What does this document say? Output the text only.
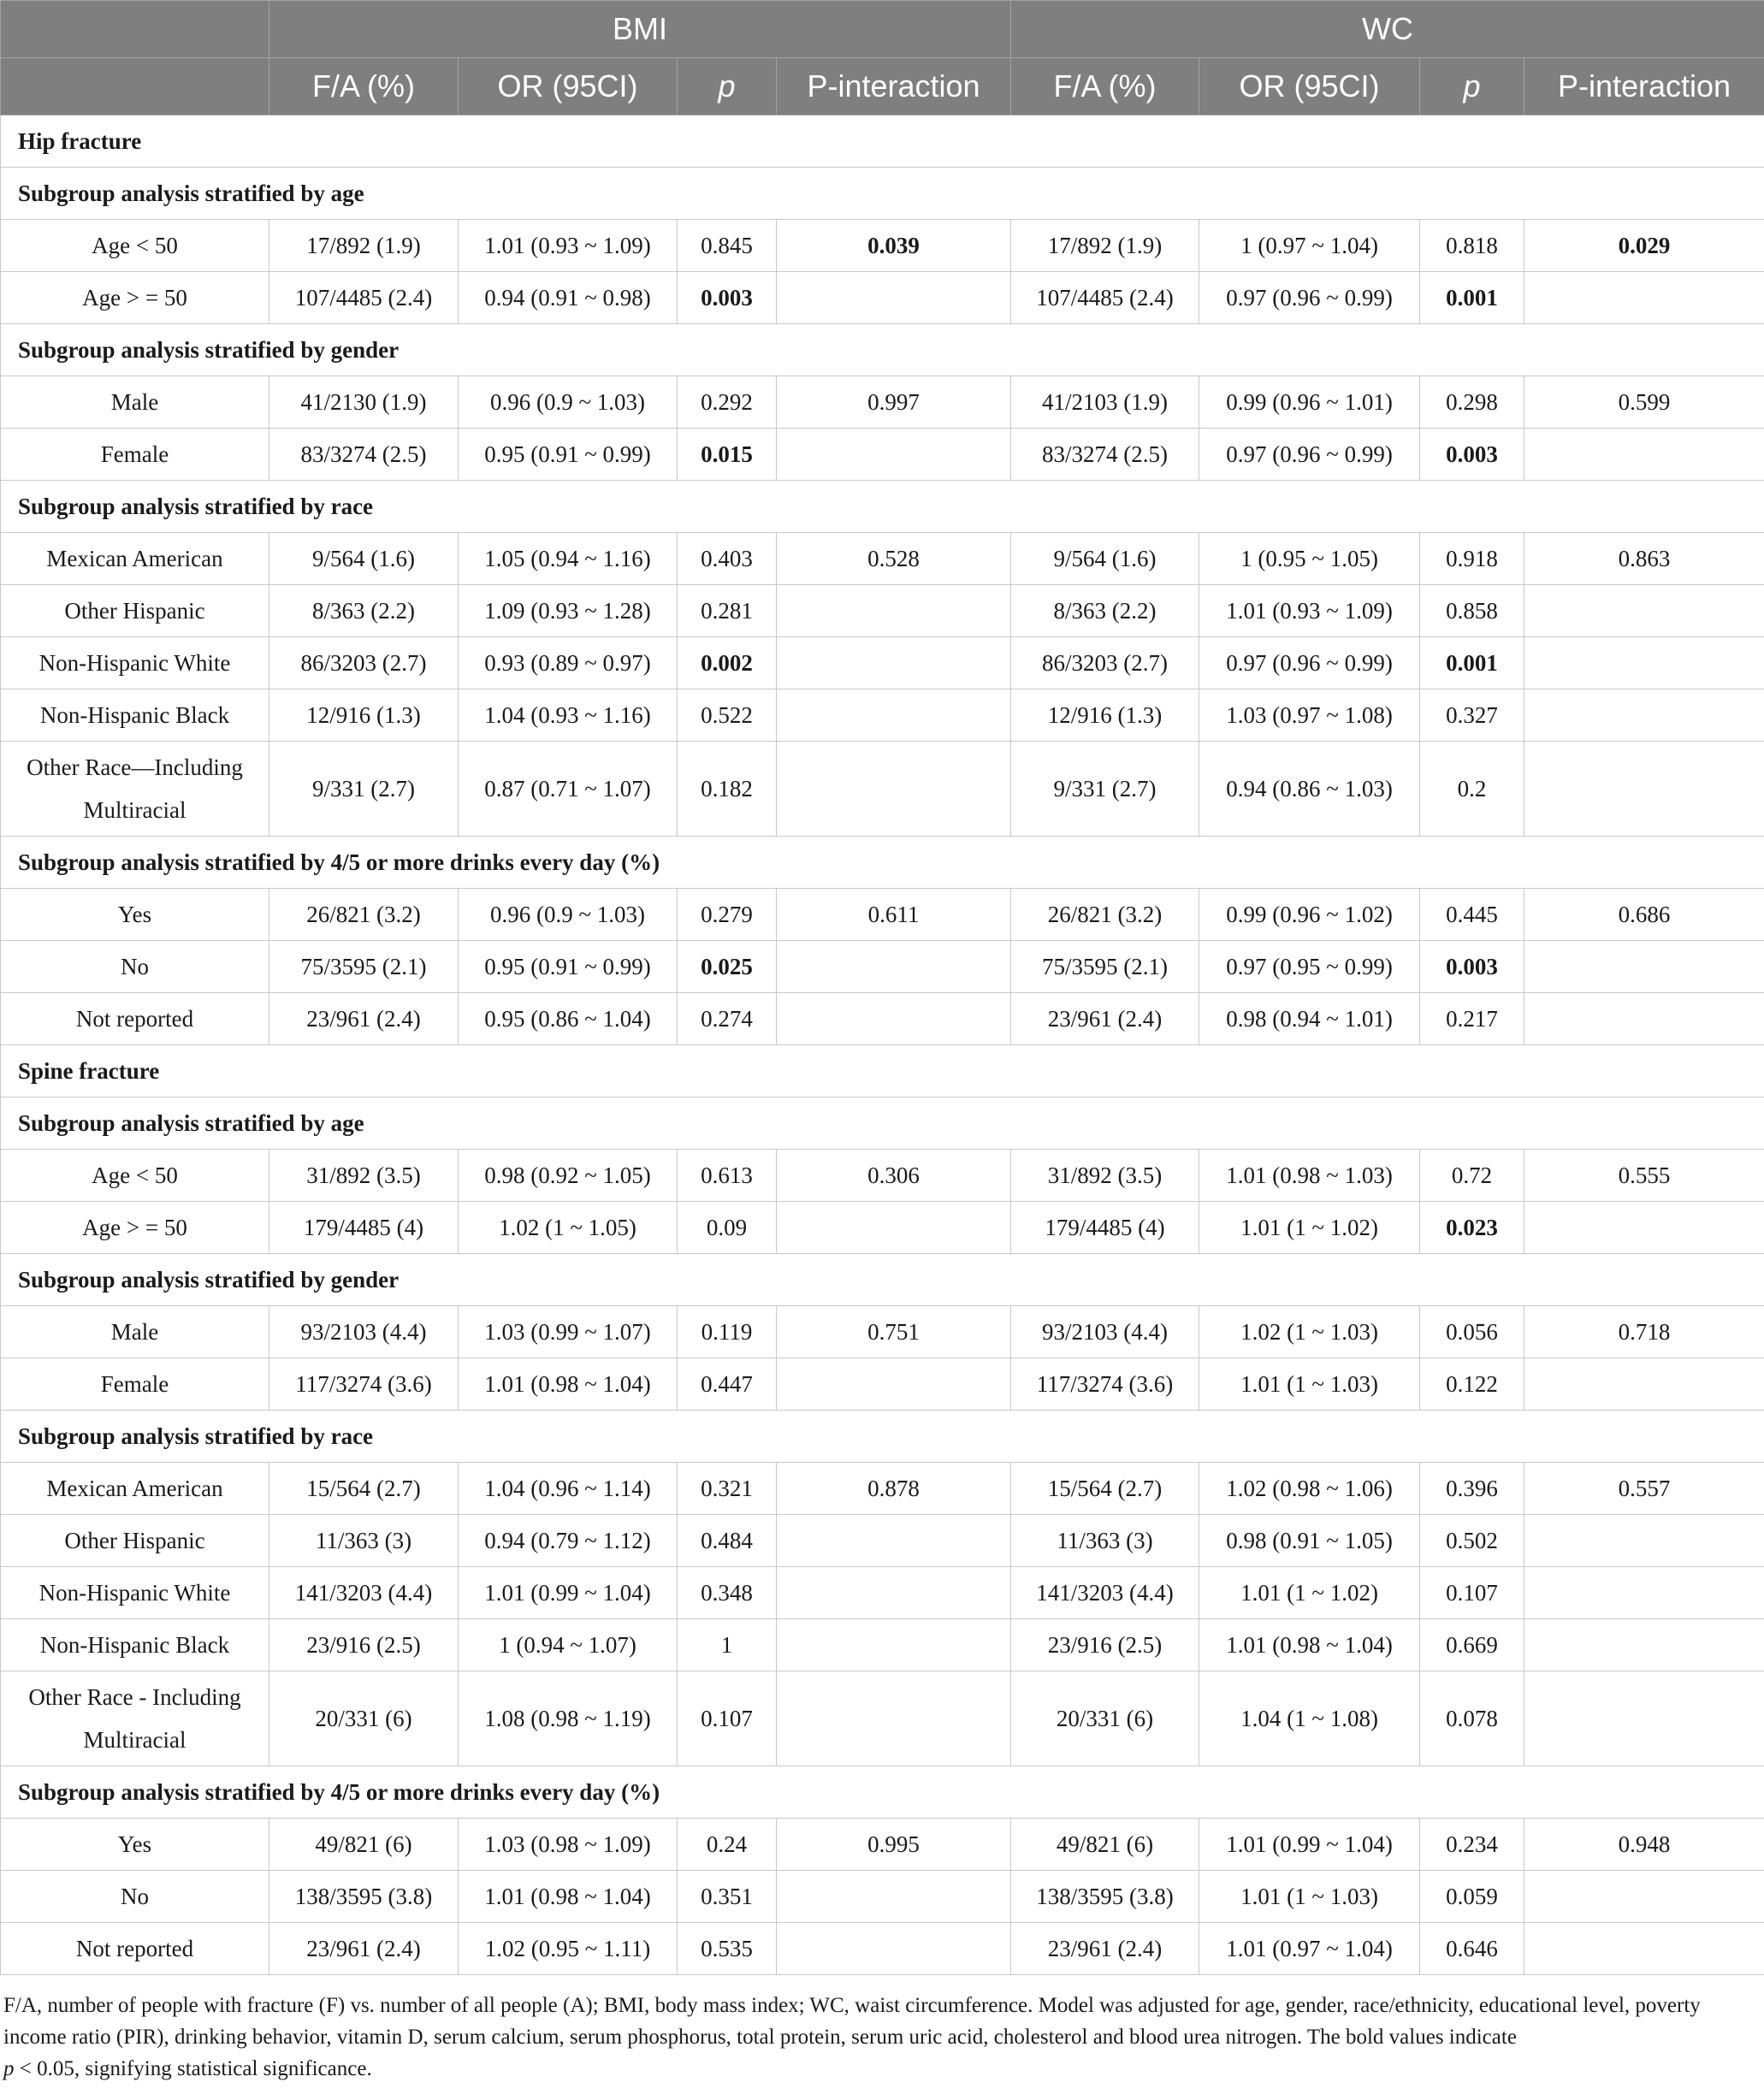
	BMI				WC			
	F/A (%)	OR (95CI)	p	P-interaction	F/A (%)	OR (95CI)	p	P-interaction
Hip fracture								
Subgroup analysis stratified by age								
Age < 50	17/892 (1.9)	1.01 (0.93 ~ 1.09)	0.845	0.039	17/892 (1.9)	1 (0.97 ~ 1.04)	0.818	0.029
Age > = 50	107/4485 (2.4)	0.94 (0.91 ~ 0.98)	0.003		107/4485 (2.4)	0.97 (0.96 ~ 0.99)	0.001	
Subgroup analysis stratified by gender								
Male	41/2130 (1.9)	0.96 (0.9 ~ 1.03)	0.292	0.997	41/2103 (1.9)	0.99 (0.96 ~ 1.01)	0.298	0.599
Female	83/3274 (2.5)	0.95 (0.91 ~ 0.99)	0.015		83/3274 (2.5)	0.97 (0.96 ~ 0.99)	0.003	
Subgroup analysis stratified by race								
Mexican American	9/564 (1.6)	1.05 (0.94 ~ 1.16)	0.403	0.528	9/564 (1.6)	1 (0.95 ~ 1.05)	0.918	0.863
Other Hispanic	8/363 (2.2)	1.09 (0.93 ~ 1.28)	0.281		8/363 (2.2)	1.01 (0.93 ~ 1.09)	0.858	
Non-Hispanic White	86/3203 (2.7)	0.93 (0.89 ~ 0.97)	0.002		86/3203 (2.7)	0.97 (0.96 ~ 0.99)	0.001	
Non-Hispanic Black	12/916 (1.3)	1.04 (0.93 ~ 1.16)	0.522		12/916 (1.3)	1.03 (0.97 ~ 1.08)	0.327	
Other Race—Including Multiracial	9/331 (2.7)	0.87 (0.71 ~ 1.07)	0.182		9/331 (2.7)	0.94 (0.86 ~ 1.03)	0.2	
Subgroup analysis stratified by 4/5 or more drinks every day (%)								
Yes	26/821 (3.2)	0.96 (0.9 ~ 1.03)	0.279	0.611	26/821 (3.2)	0.99 (0.96 ~ 1.02)	0.445	0.686
No	75/3595 (2.1)	0.95 (0.91 ~ 0.99)	0.025		75/3595 (2.1)	0.97 (0.95 ~ 0.99)	0.003	
Not reported	23/961 (2.4)	0.95 (0.86 ~ 1.04)	0.274		23/961 (2.4)	0.98 (0.94 ~ 1.01)	0.217	
Spine fracture								
Subgroup analysis stratified by age								
Age < 50	31/892 (3.5)	0.98 (0.92 ~ 1.05)	0.613	0.306	31/892 (3.5)	1.01 (0.98 ~ 1.03)	0.72	0.555
Age > = 50	179/4485 (4)	1.02 (1 ~ 1.05)	0.09		179/4485 (4)	1.01 (1 ~ 1.02)	0.023	
Subgroup analysis stratified by gender								
Male	93/2103 (4.4)	1.03 (0.99 ~ 1.07)	0.119	0.751	93/2103 (4.4)	1.02 (1 ~ 1.03)	0.056	0.718
Female	117/3274 (3.6)	1.01 (0.98 ~ 1.04)	0.447		117/3274 (3.6)	1.01 (1 ~ 1.03)	0.122	
Subgroup analysis stratified by race								
Mexican American	15/564 (2.7)	1.04 (0.96 ~ 1.14)	0.321	0.878	15/564 (2.7)	1.02 (0.98 ~ 1.06)	0.396	0.557
Other Hispanic	11/363 (3)	0.94 (0.79 ~ 1.12)	0.484		11/363 (3)	0.98 (0.91 ~ 1.05)	0.502	
Non-Hispanic White	141/3203 (4.4)	1.01 (0.99 ~ 1.04)	0.348		141/3203 (4.4)	1.01 (1 ~ 1.02)	0.107	
Non-Hispanic Black	23/916 (2.5)	1 (0.94 ~ 1.07)	1		23/916 (2.5)	1.01 (0.98 ~ 1.04)	0.669	
Other Race - Including Multiracial	20/331 (6)	1.08 (0.98 ~ 1.19)	0.107		20/331 (6)	1.04 (1 ~ 1.08)	0.078	
Subgroup analysis stratified by 4/5 or more drinks every day (%)								
Yes	49/821 (6)	1.03 (0.98 ~ 1.09)	0.24	0.995	49/821 (6)	1.01 (0.99 ~ 1.04)	0.234	0.948
No	138/3595 (3.8)	1.01 (0.98 ~ 1.04)	0.351		138/3595 (3.8)	1.01 (1 ~ 1.03)	0.059	
Not reported	23/961 (2.4)	1.02 (0.95 ~ 1.11)	0.535		23/961 (2.4)	1.01 (0.97 ~ 1.04)	0.646	
F/A, number of people with fracture (F) vs. number of all people (A); BMI, body mass index; WC, waist circumference. Model was adjusted for age, gender, race/ethnicity, educational level, poverty income ratio (PIR), drinking behavior, vitamin D, serum calcium, serum phosphorus, total protein, serum uric acid, cholesterol and blood urea nitrogen. The bold values indicate
p < 0.05, signifying statistical significance.
